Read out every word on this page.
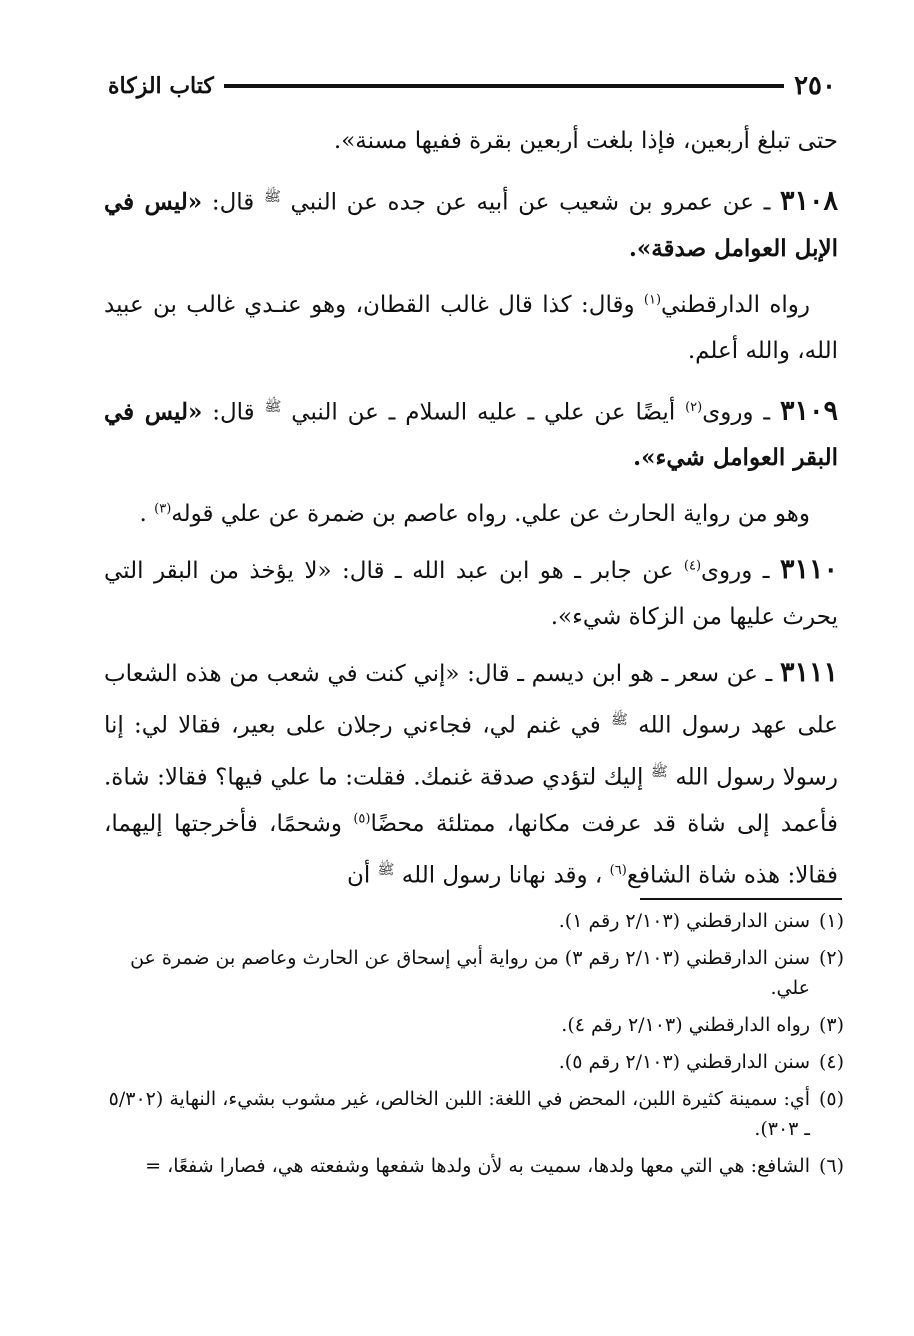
٢٥٠
كتاب الزكاة

حتى تبلغ أربعين، فإذا بلغت أربعين بقرة ففيها مسنة».

٣١٠٨ ـ عن عمرو بن شعيب عن أبيه عن جده عن النبي $^ﷺ$ قال: «ليس في الإبل العوامل صدقة».

رواه الدارقطني$^{(١)}$ وقال: كذا قال غالب القطان، وهو عنـدي غالب بن عبيد الله، والله أعلم.

٣١٠٩ ـ وروى$^{(٢)}$ أيضًا عن علي ـ عليه السلام ـ عن النبي $^ﷺ$ قال: «ليس في البقر العوامل شيء».

وهو من رواية الحارث عن علي. رواه عاصم بن ضمرة عن علي قوله$^{(٣)}$ .

٣١١٠ ـ وروى$^{(٤)}$ عن جابر ـ هو ابن عبد الله ـ قال: «لا يؤخذ من البقر التي يحرث عليها من الزكاة شيء».

٣١١١ ـ عن سعر ـ هو ابن ديسم ـ قال: «إني كنت في شعب من هذه الشعاب على عهد رسول الله $^ﷺ$ في غنم لي، فجاءني رجلان على بعير، فقالا لي: إنا رسولا رسول الله $^ﷺ$ إليك لتؤدي صدقة غنمك. فقلت: ما علي فيها؟ فقالا: شاة. فأعمد إلى شاة قد عرفت مكانها، ممتلئة محضًا$^{(٥)}$ وشحمًا، فأخرجتها إليهما، فقالا: هذه شاة الشافع$^{(٦)}$ ، وقد نهانا رسول الله $^ﷺ$ أن

(١)سنن الدارقطني (٢/١٠٣ رقم ١).

(٢)سنن الدارقطني (٢/١٠٣ رقم ٣) من رواية أبي إسحاق عن الحارث وعاصم بن ضمرة عن علي.

(٣)رواه الدارقطني (٢/١٠٣ رقم ٤).

(٤)سنن الدارقطني (٢/١٠٣ رقم ٥).

(٥)أي: سمينة كثيرة اللبن، المحض في اللغة: اللبن الخالص، غير مشوب بشيء، النهاية (٥/٣٠٢ ـ ٣٠٣).

(٦)الشافع: هي التي معها ولدها، سميت به لأن ولدها شفعها وشفعته هي، فصارا شفعًا، =
